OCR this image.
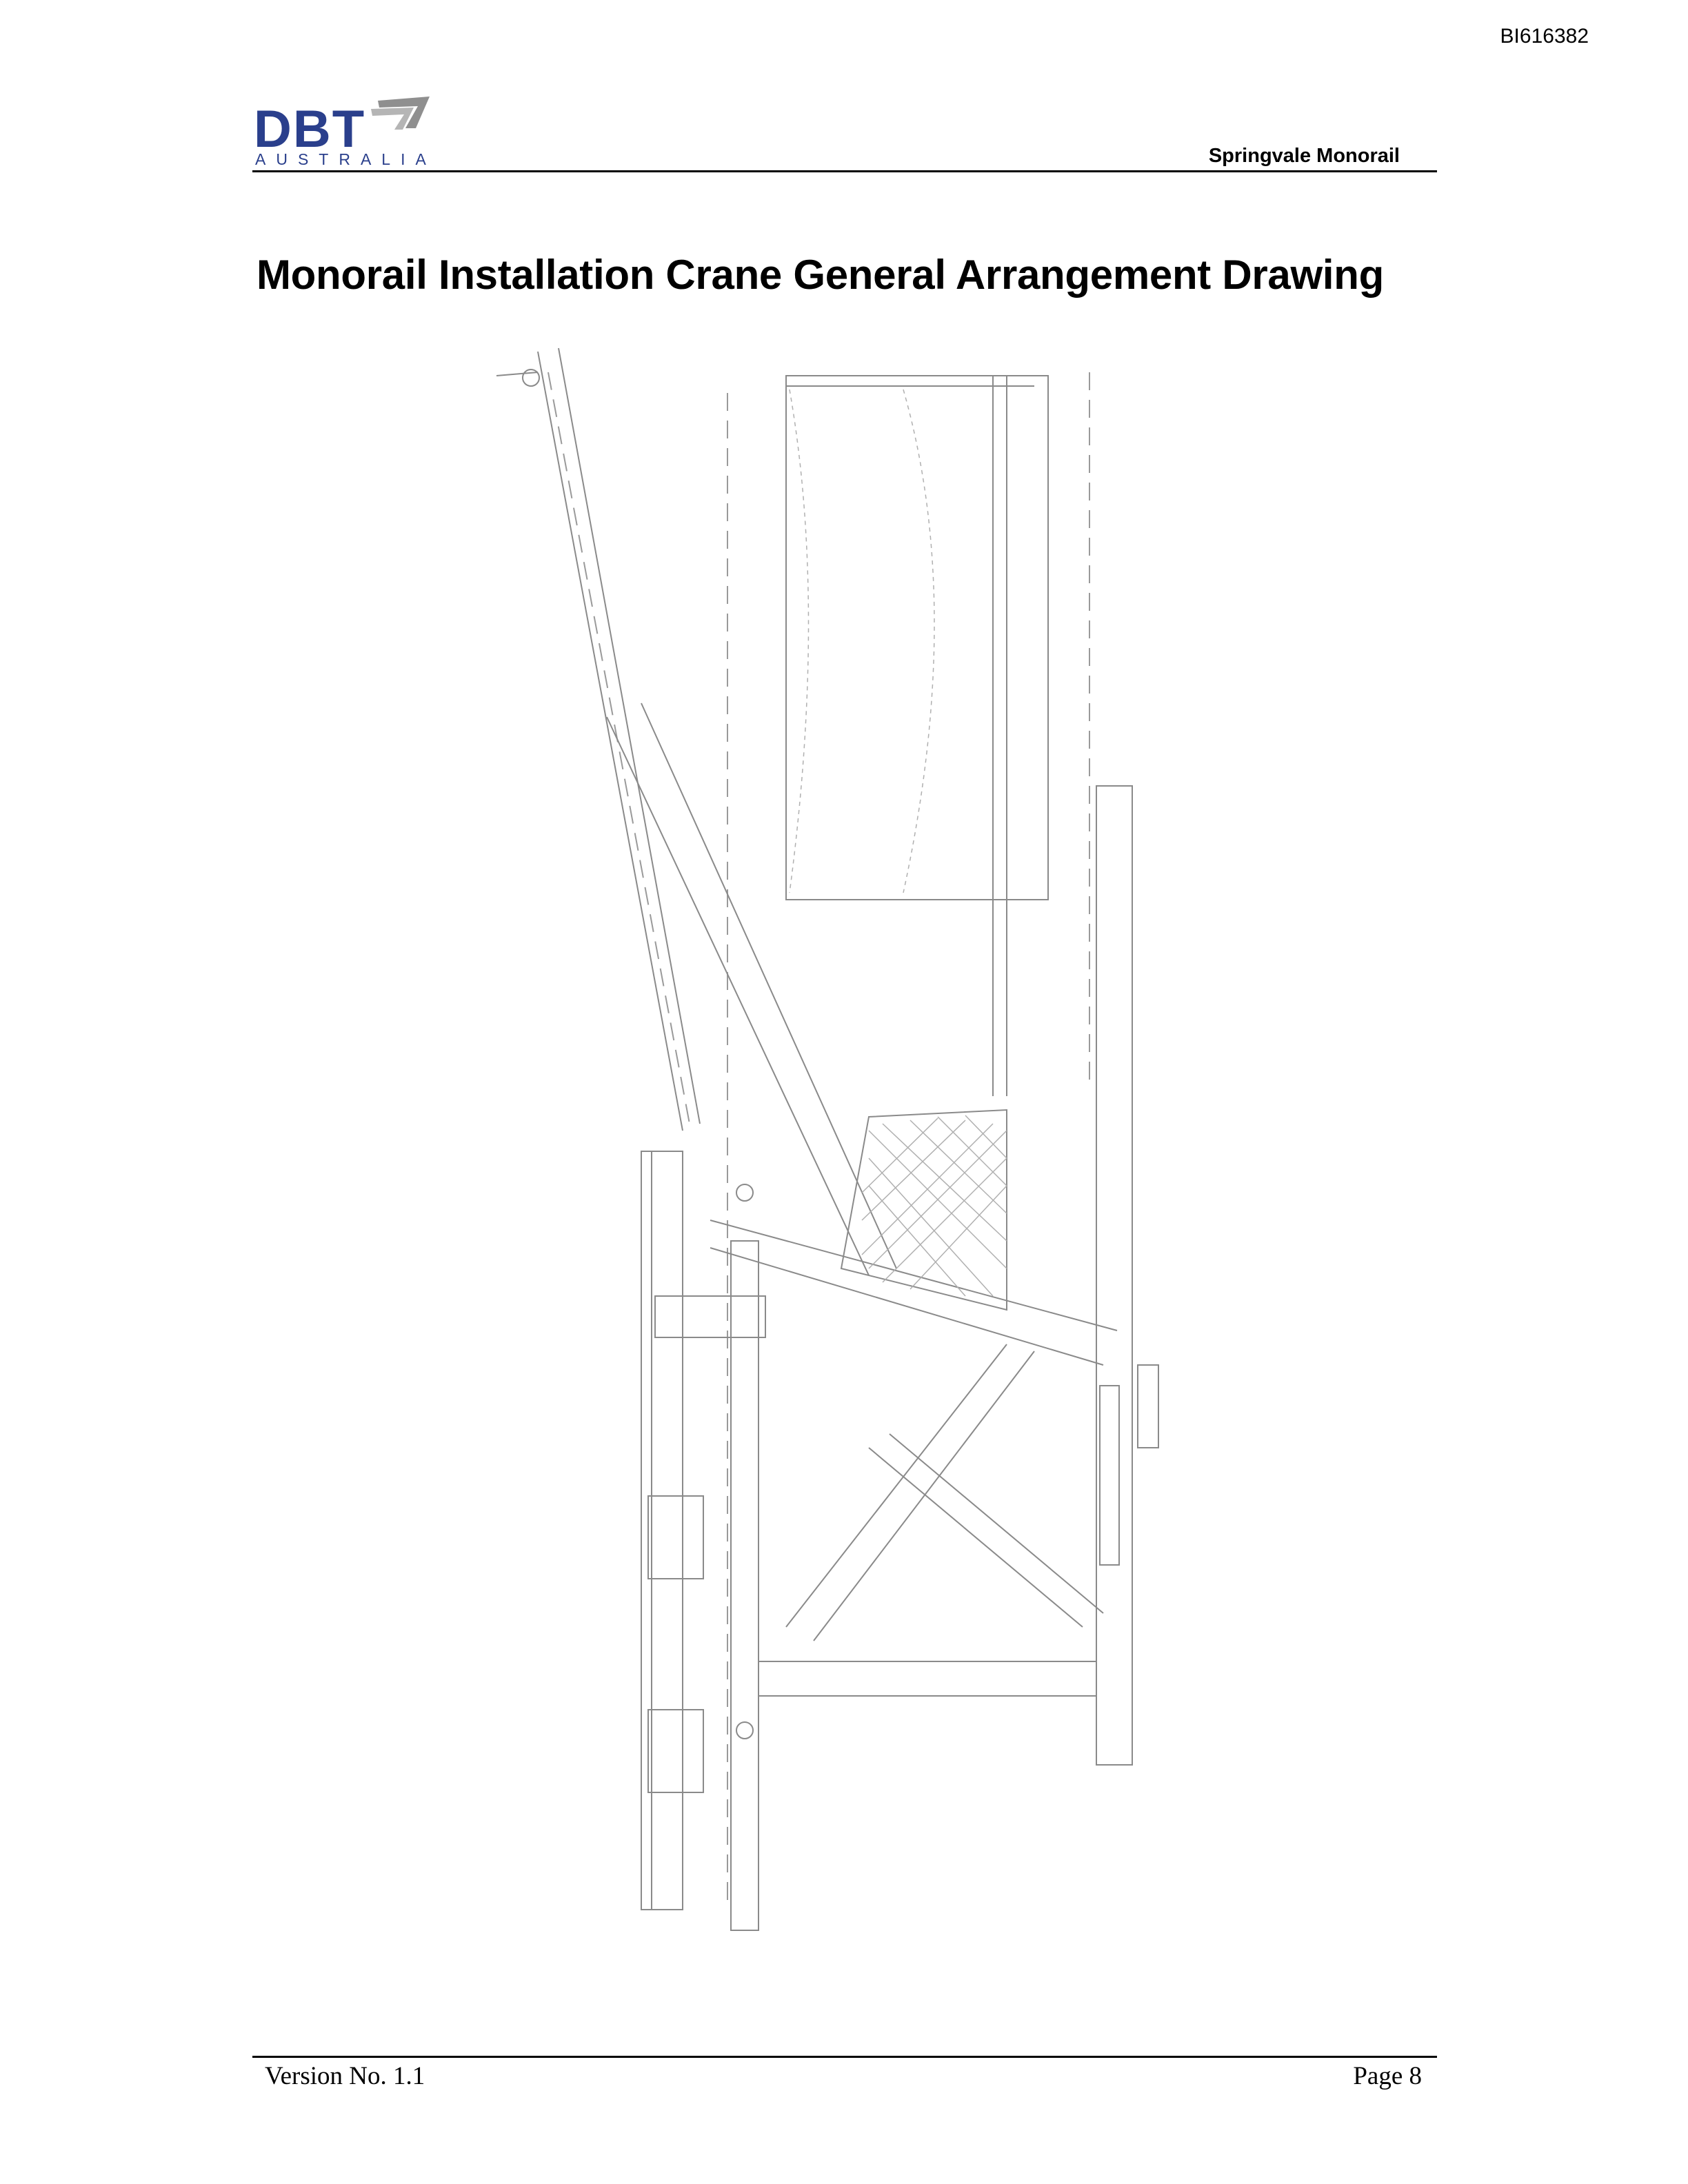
BI616382
DBT
AUSTRALIA	Springvale Monorail
Monorail Installation Crane General Arrangement Drawing
Version No. 1.1	Page 8
